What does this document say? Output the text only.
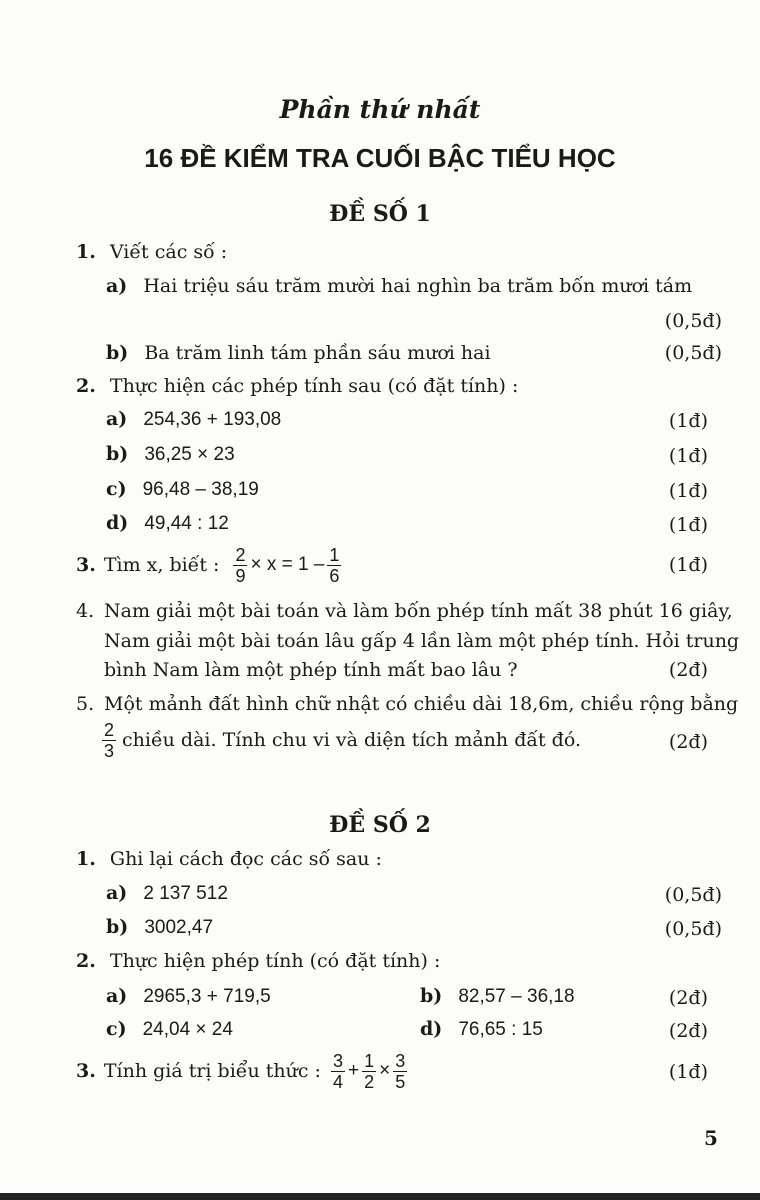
Phần thứ nhất
16 ĐỀ KIỂM TRA CUỐI BẬC TIỂU HỌC
ĐỀ SỐ 1
1. Viết các số :
a) Hai triệu sáu trăm mười hai nghìn ba trăm bốn mươi tám
(0,5đ)
b) Ba trăm linh tám phần sáu mươi hai	(0,5đ)
2. Thực hiện các phép tính sau (có đặt tính) :
a) 254,36 + 193,08	(1đ)
b) 36,25 × 23	(1đ)
c) 96,48 – 38,19	(1đ)
d) 49,44 : 12	(1đ)
3. Tìm x, biết : $\frac{2}{9} \times x = 1 - \frac{1}{6}$	(1đ)
4. Nam giải một bài toán và làm bốn phép tính mất 38 phút 16 giây,
Nam giải một bài toán lâu gấp 4 lần làm một phép tính. Hỏi trung
bình Nam làm một phép tính mất bao lâu ?	(2đ)
5. Một mảnh đất hình chữ nhật có chiều dài 18,6m, chiều rộng bằng
$\frac{2}{3}$ chiều dài. Tính chu vi và diện tích mảnh đất đó.	(2đ)
ĐỀ SỐ 2
1. Ghi lại cách đọc các số sau :
a) 2 137 512	(0,5đ)
b) 3002,47	(0,5đ)
2. Thực hiện phép tính (có đặt tính) :
a) 2965,3 + 719,5	b) 82,57 – 36,18	(2đ)
c) 24,04 × 24	d) 76,65 : 15	(2đ)
3. Tính giá trị biểu thức : $\frac{3}{4} + \frac{1}{2} \times \frac{3}{5}$	(1đ)
5
